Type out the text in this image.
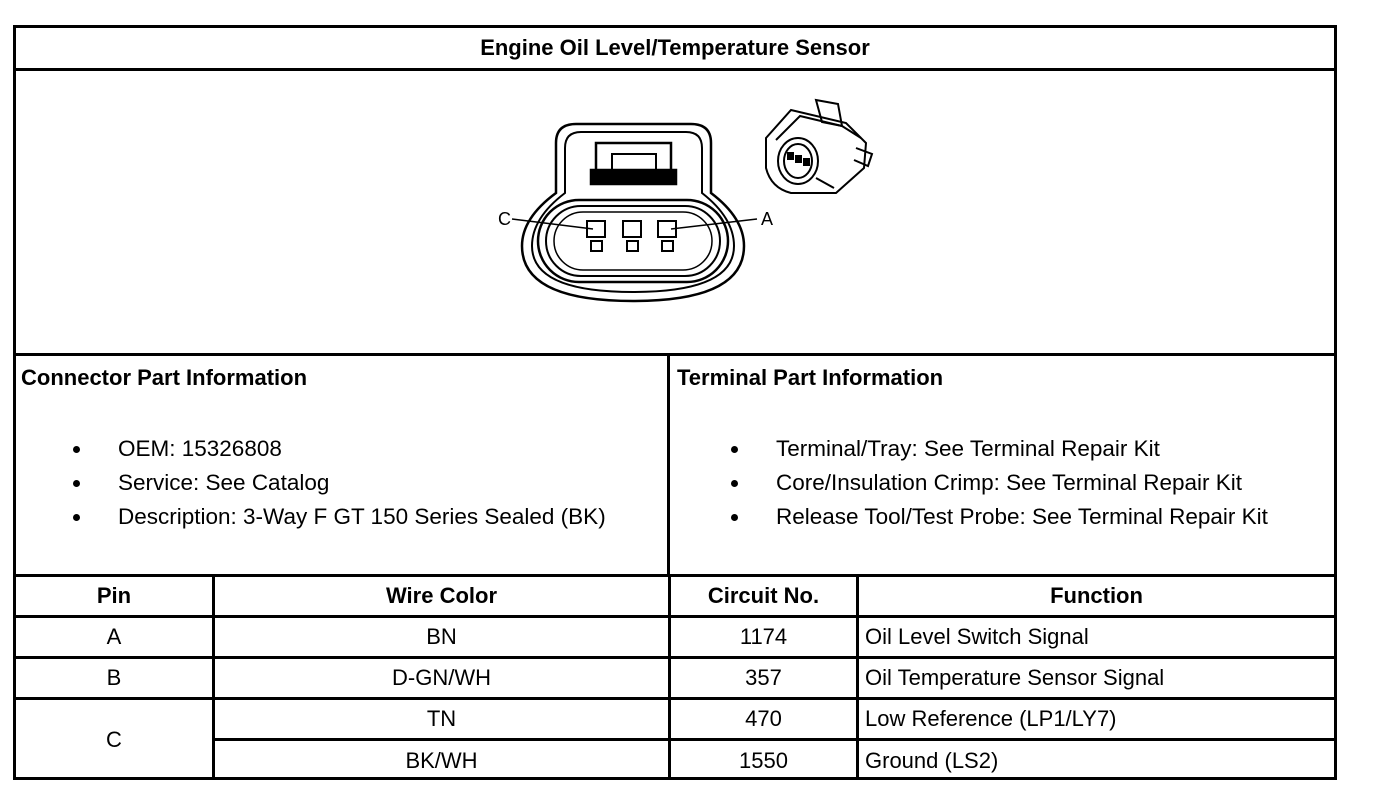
Engine Oil Level/Temperature Sensor
C	A
Connector Part Information
OEM: 15326808
Service: See Catalog
Description: 3-Way F GT 150 Series Sealed (BK)
Terminal Part Information
Terminal/Tray: See Terminal Repair Kit
Core/Insulation Crimp: See Terminal Repair Kit
Release Tool/Test Probe: See Terminal Repair Kit
Pin	Wire Color	Circuit No.	Function
A	BN	1174	Oil Level Switch Signal
B	D-GN/WH	357	Oil Temperature Sensor Signal
C
TN	470	Low Reference (LP1/LY7)
BK/WH	1550	Ground (LS2)
